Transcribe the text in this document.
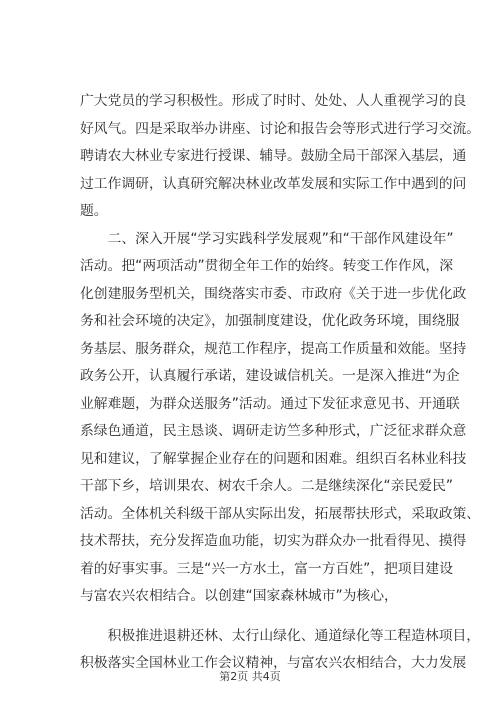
广大党员的学习积极性。形成了时时、处处、人人重视学习的良
好风气。四是采取举办讲座、讨论和报告会等形式进行学习交流。
聘请农大林业专家进行授课、辅导。鼓励全局干部深入基层，通
过工作调研，认真研究解决林业改革发展和实际工作中遇到的问
题。
二、深入开展“学习实践科学发展观”和“干部作风建设年”
活动。把“两项活动”贯彻全年工作的始终。转变工作作风，深
化创建服务型机关，围绕落实市委、市政府《关于进一步优化政
务和社会环境的决定》，加强制度建设，优化政务环境，围绕服
务基层、服务群众，规范工作程序，提高工作质量和效能。坚持
政务公开，认真履行承诺，建设诚信机关。一是深入推进“为企
业解难题，为群众送服务”活动。通过下发征求意见书、开通联
系绿色通道，民主恳谈、调研走访竺多种形式，广泛征求群众意
见和建议，了解掌握企业存在的问题和困难。组织百名林业科技
干部下乡，培训果农、树农千余人。二是继续深化“亲民爱民”
活动。全体机关科级干部从实际出发，拓展帮扶形式，采取政策、
技术帮扶，充分发挥造血功能，切实为群众办一批看得见、摸得
着的好事实事。三是“兴一方水土，富一方百姓”，把项目建设
与富农兴农相结合。以创建“国家森林城市”为核心，
积极推进退耕还林、太行山绿化、通道绿化等工程造林项目，
积极落实全国林业工作会议精神，与富农兴农相结合，大力发展
第2页 共4页
